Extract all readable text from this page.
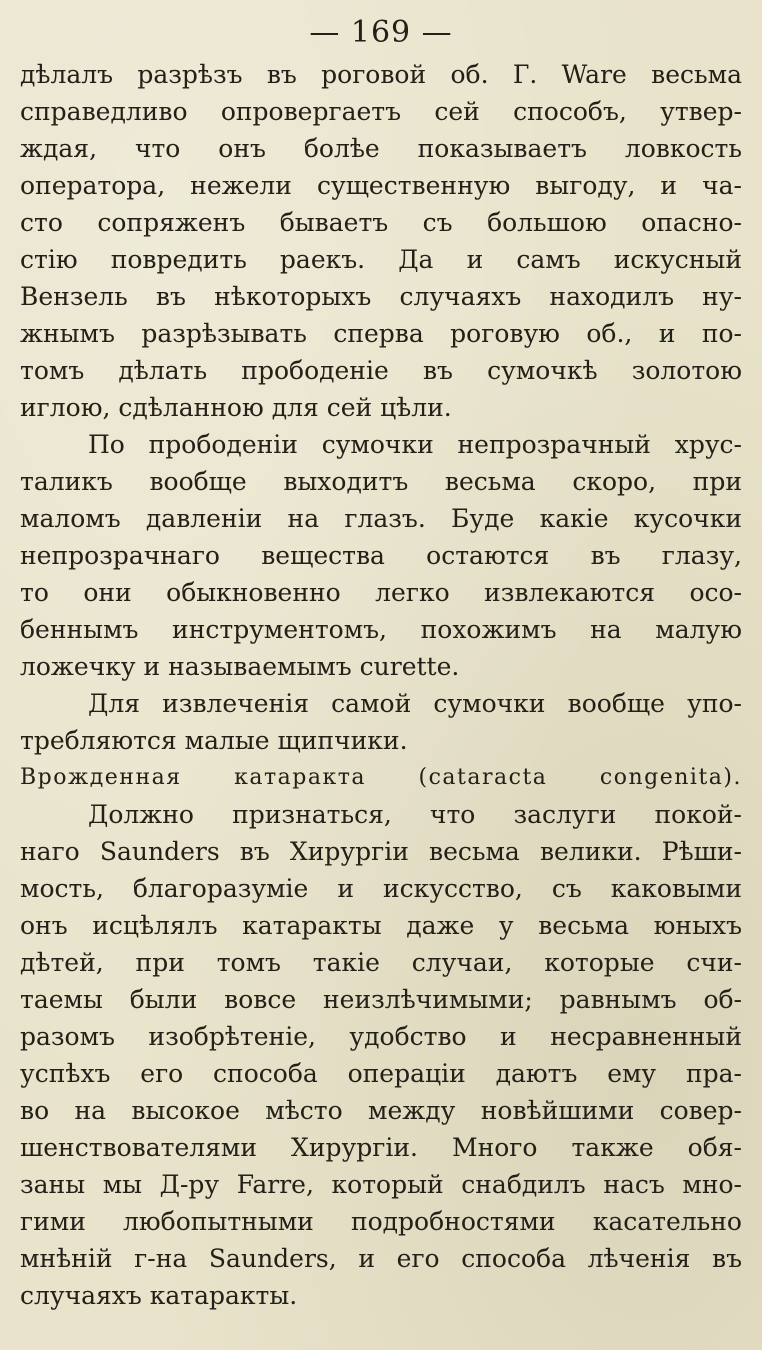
— 169 —
дѣлалъ разрѣзъ въ роговой об. Г. Ware весьма
справедливо опровергаетъ сей способъ, утвер-
ждая, что онъ болѣе показываетъ ловкость
оператора, нежели существенную выгоду, и ча-
сто сопряженъ бываетъ съ большою опасно-
стію повредить раекъ. Да и самъ искусный
Вензель въ нѣкоторыхъ случаяхъ находилъ ну-
жнымъ разрѣзывать сперва роговую об., и по-
томъ дѣлать прободеніе въ сумочкѣ золотою
иглою, сдѣланною для сей цѣли.
По прободеніи сумочки непрозрачный хрус-
таликъ вообще выходитъ весьма скоро, при
маломъ давленіи на глазъ. Буде какіе кусочки
непрозрачнаго вещества остаются въ глазу,
то они обыкновенно легко извлекаются осо-
беннымъ инструментомъ, похожимъ на малую
ложечку и называемымъ curette.
Для извлеченія самой сумочки вообще упо-
требляются малые щипчики.
Врожденная катаракта (cataracta congenita).
Должно признаться, что заслуги покой-
наго Saunders въ Хирургіи весьма велики. Рѣши-
мость, благоразуміе и искусство, съ каковыми
онъ исцѣлялъ катаракты даже у весьма юныхъ
дѣтей, при томъ такіе случаи, которые счи-
таемы были вовсе неизлѣчимыми; равнымъ об-
разомъ изобрѣтеніе, удобство и несравненный
успѣхъ его способа операціи даютъ ему пра-
во на высокое мѣсто между новѣйшими совер-
шенствователями Хирургіи. Много также обя-
заны мы Д-ру Farre, который снабдилъ насъ мно-
гими любопытными подробностями касательно
мнѣній г-на Saunders, и его способа лѣченія въ
случаяхъ катаракты.
